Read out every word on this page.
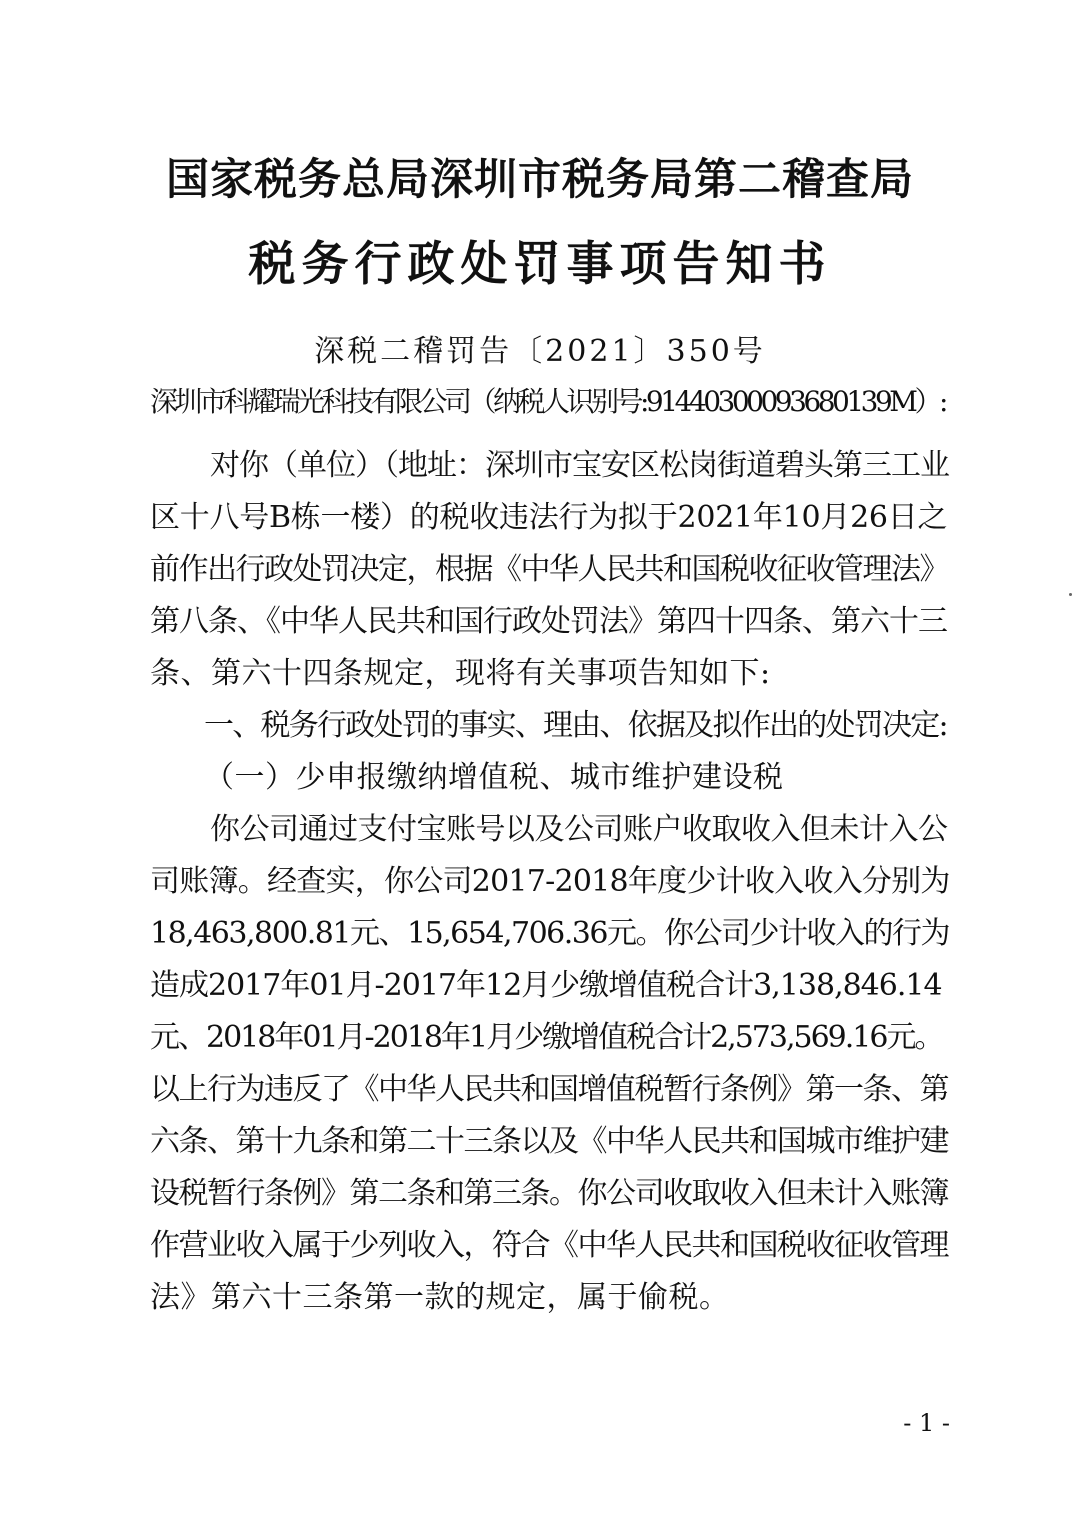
国家税务总局深圳市税务局第二稽查局
税务行政处罚事项告知书
深税二稽罚告〔2021〕350号
深圳市科耀瑞光科技有限公司（纳税人识别号:91440300093680139M）:
对你（单位）（地址：深圳市宝安区松岗街道碧头第三工业
区十八号B栋一楼）的税收违法行为拟于2021年10月26日之
前作出行政处罚决定，根据《中华人民共和国税收征收管理法》
第八条、《中华人民共和国行政处罚法》第四十四条、第六十三
条、第六十四条规定，现将有关事项告知如下:
一、税务行政处罚的事实、理由、依据及拟作出的处罚决定:
（一）少申报缴纳增值税、城市维护建设税
你公司通过支付宝账号以及公司账户收取收入但未计入公
司账簿。经查实，你公司2017-2018年度少计收入收入分别为
18,463,800.81元、15,654,706.36元。你公司少计收入的行为
造成2017年01月-2017年12月少缴增值税合计3,138,846.14
元、2018年01月-2018年1月少缴增值税合计2,573,569.16元。
以上行为违反了《中华人民共和国增值税暂行条例》第一条、第
六条、第十九条和第二十三条以及《中华人民共和国城市维护建
设税暂行条例》第二条和第三条。你公司收取收入但未计入账簿
作营业收入属于少列收入，符合《中华人民共和国税收征收管理
法》第六十三条第一款的规定，属于偷税。
- 1 -
